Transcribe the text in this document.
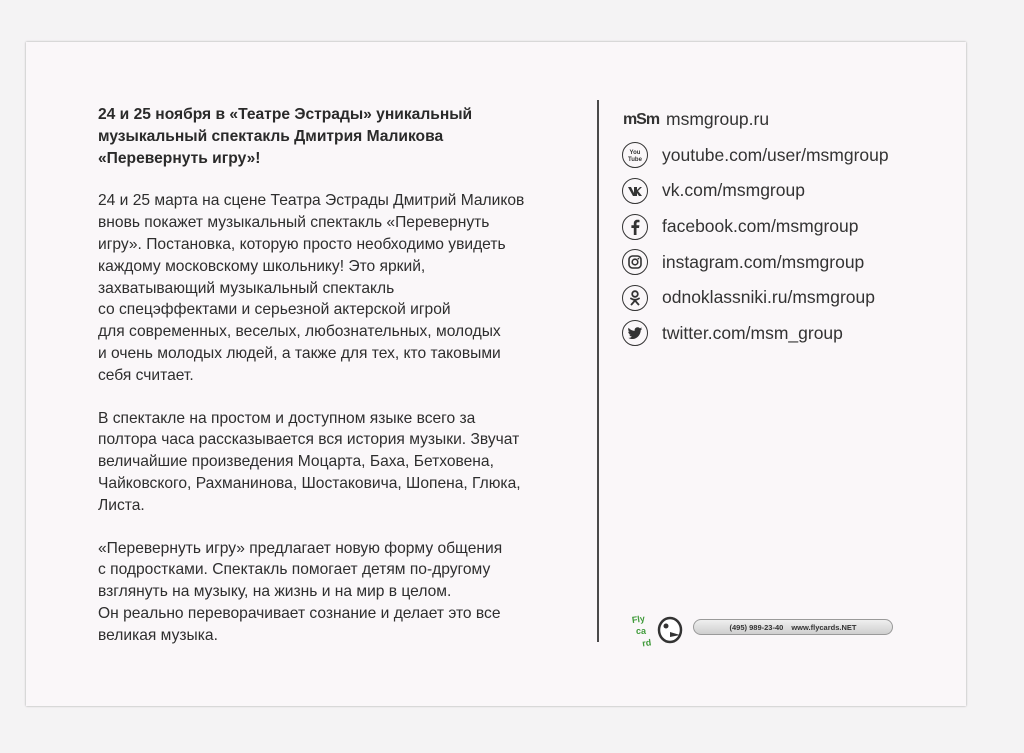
24 и 25 ноября в «Театре Эстрады» уникальный
музыкальный спектакль Дмитрия Маликова
«Перевернуть игру»!

24 и 25 марта на сцене Театра Эстрады Дмитрий Маликов
вновь покажет музыкальный спектакль «Перевернуть
игру». Постановка, которую просто необходимо увидеть
каждому московскому школьнику! Это яркий,
захватывающий музыкальный спектакль
со спецэффектами и серьезной актерской игрой
для современных, веселых, любознательных, молодых
и очень молодых людей, а также для тех, кто таковыми
себя считает.

В спектакле на простом и доступном языке всего за
полтора часа рассказывается вся история музыки. Звучат
величайшие произведения Моцарта, Баха, Бетховена,
Чайковского, Рахманинова, Шостаковича, Шопена, Глюка,
Листа.

«Перевернуть игру» предлагает новую форму общения
с подростками. Спектакль помогает детям по-другому
взглянуть на музыку, на жизнь и на мир в целом.
Он реально переворачивает сознание и делает это все
великая музыка.

mSm msmgroup.ru
You
Tube youtube.com/user/msmgroup
vk.com/msmgroup
facebook.com/msmgroup
instagram.com/msmgroup
odnoklassniki.ru/msmgroup
twitter.com/msm_group
Fly
ca
rd
(495) 989-23-40 www.flycards.NET
